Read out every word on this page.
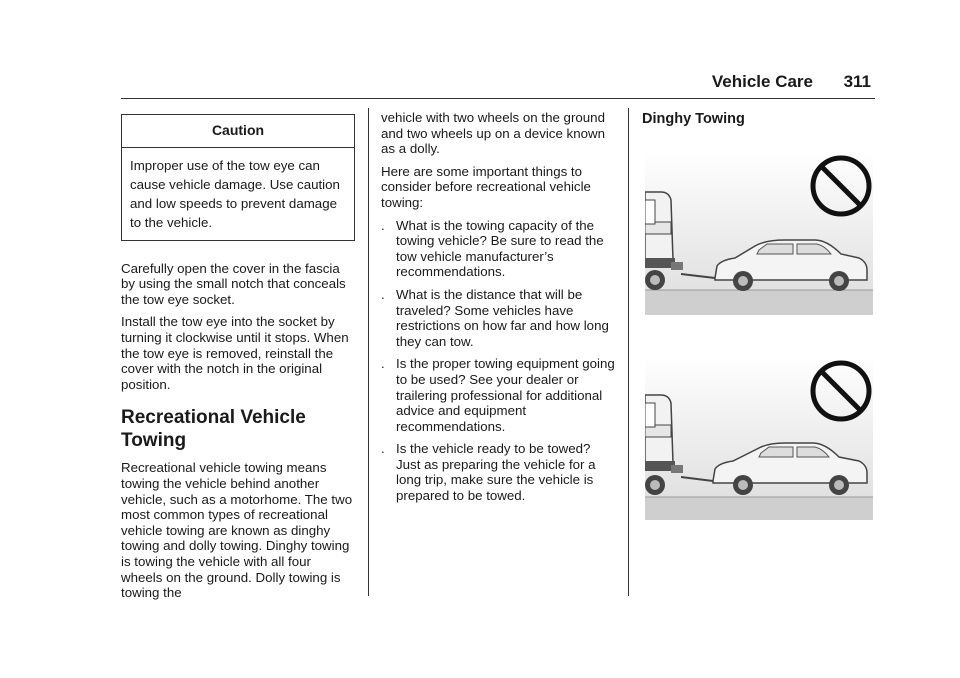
Vehicle Care 311
Caution
Improper use of the tow eye can cause vehicle damage. Use caution and low speeds to prevent damage to the vehicle.

Carefully open the cover in the fascia by using the small notch that conceals the tow eye socket.

Install the tow eye into the socket by turning it clockwise until it stops. When the tow eye is removed, reinstall the cover with the notch in the original position.

Recreational Vehicle Towing

Recreational vehicle towing means towing the vehicle behind another vehicle, such as a motorhome. The two most common types of recreational vehicle towing are known as dinghy towing and dolly towing. Dinghy towing is towing the vehicle with all four wheels on the ground. Dolly towing is towing the

vehicle with two wheels on the ground and two wheels up on a device known as a dolly.

Here are some important things to consider before recreational vehicle towing:

. What is the towing capacity of the towing vehicle? Be sure to read the tow vehicle manufacturer’s recommendations.
. What is the distance that will be traveled? Some vehicles have restrictions on how far and how long they can tow.
. Is the proper towing equipment going to be used? See your dealer or trailering professional for additional advice and equipment recommendations.
. Is the vehicle ready to be towed? Just as preparing the vehicle for a long trip, make sure the vehicle is prepared to be towed.
Dinghy Towing
